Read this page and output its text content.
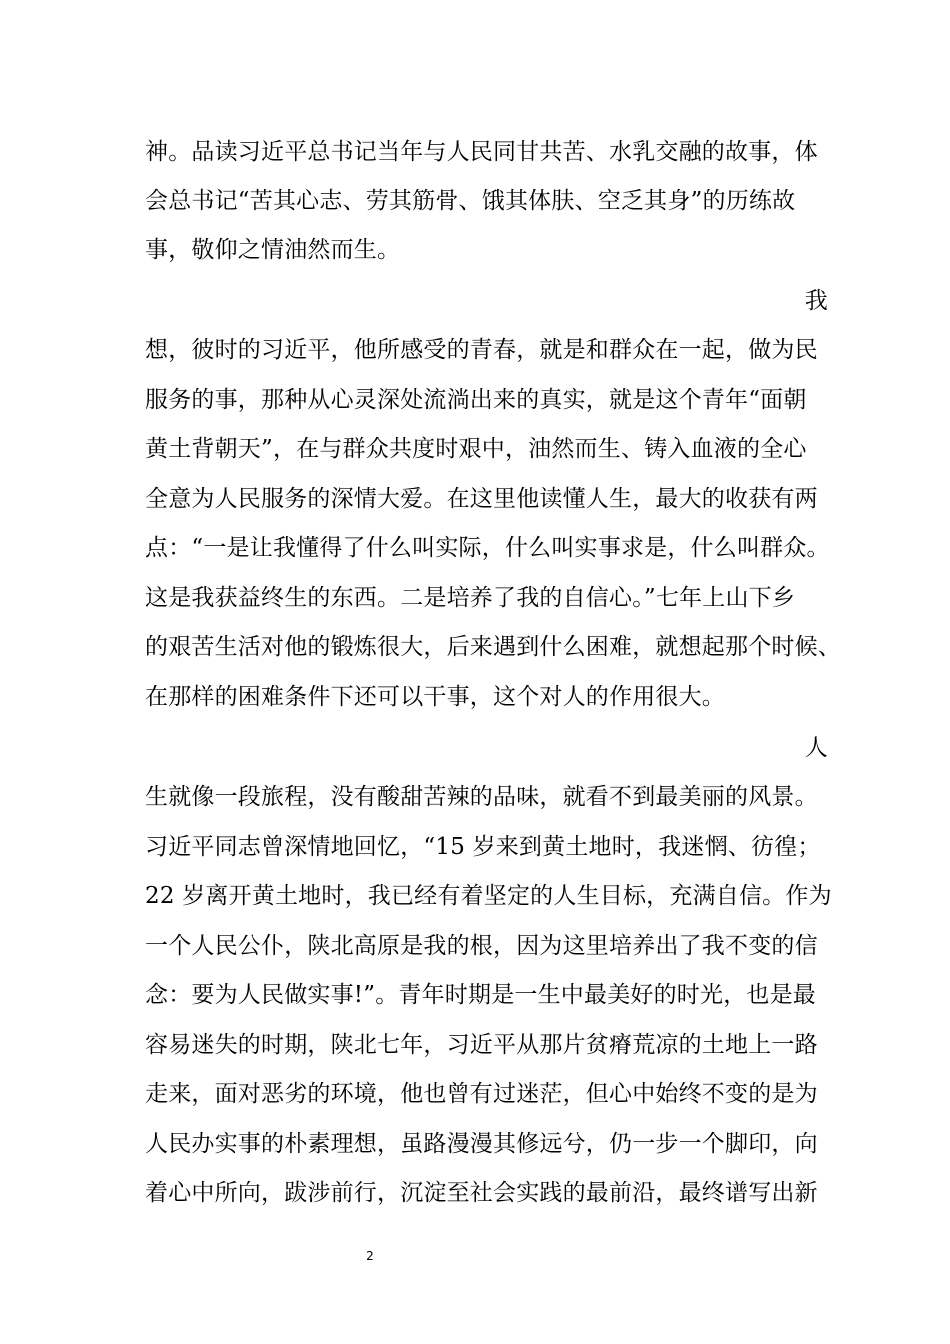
神。品读习近平总书记当年与人民同甘共苦、水乳交融的故事，体
会总书记“苦其心志、劳其筋骨、饿其体肤、空乏其身”的历练故
事，敬仰之情油然而生。
我
想，彼时的习近平，他所感受的青春，就是和群众在一起，做为民
服务的事，那种从心灵深处流淌出来的真实，就是这个青年“面朝
黄土背朝天”，在与群众共度时艰中，油然而生、铸入血液的全心
全意为人民服务的深情大爱。在这里他读懂人生，最大的收获有两
点：“一是让我懂得了什么叫实际，什么叫实事求是，什么叫群众。
这是我获益终生的东西。二是培养了我的自信心。”七年上山下乡
的艰苦生活对他的锻炼很大，后来遇到什么困难，就想起那个时候、
在那样的困难条件下还可以干事，这个对人的作用很大。
人
生就像一段旅程，没有酸甜苦辣的品味，就看不到最美丽的风景。
习近平同志曾深情地回忆，“15 岁来到黄土地时，我迷惘、彷徨；
22 岁离开黄土地时，我已经有着坚定的人生目标，充满自信。作为
一个人民公仆，陕北高原是我的根，因为这里培养出了我不变的信
念：要为人民做实事!”。青年时期是一生中最美好的时光，也是最
容易迷失的时期，陕北七年，习近平从那片贫瘠荒凉的土地上一路
走来，面对恶劣的环境，他也曾有过迷茫，但心中始终不变的是为
人民办实事的朴素理想，虽路漫漫其修远兮，仍一步一个脚印，向
着心中所向，跋涉前行，沉淀至社会实践的最前沿，最终谱写出新
2
